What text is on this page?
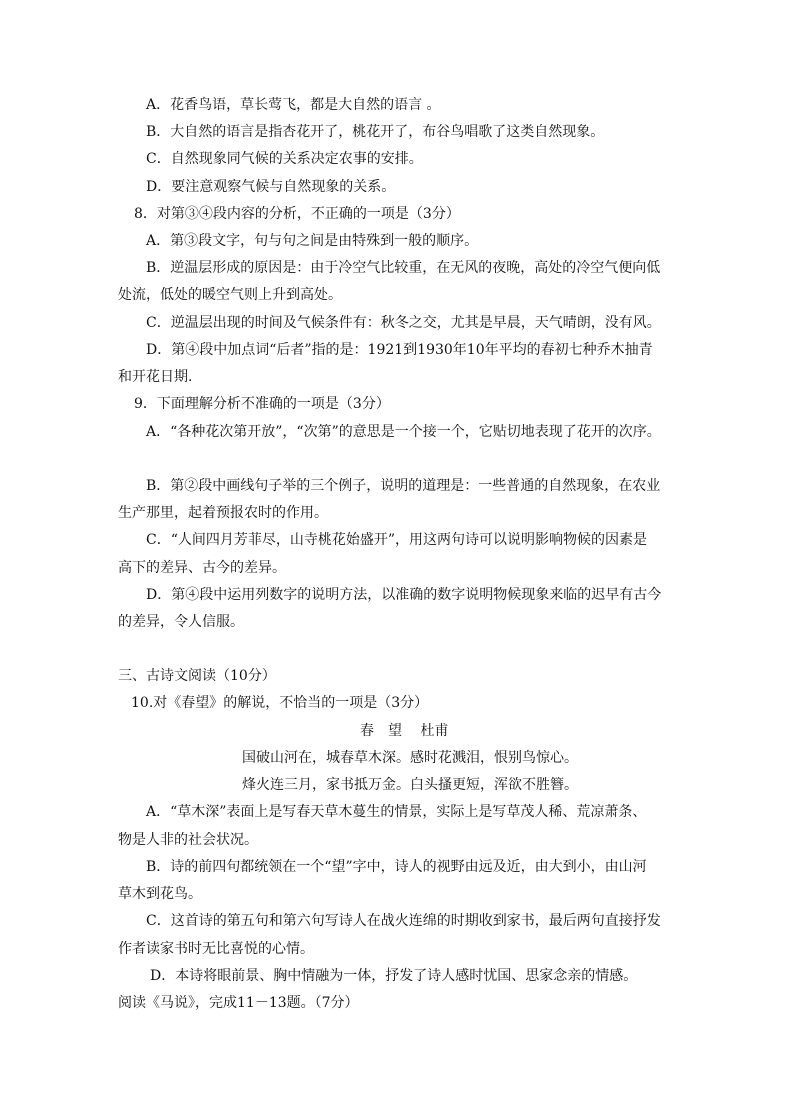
A．花香鸟语，草长莺飞，都是大自然的语言 。
B．大自然的语言是指杏花开了，桃花开了，布谷鸟唱歌了这类自然现象。
C．自然现象同气候的关系决定农事的安排。
D．要注意观察气候与自然现象的关系。
8．对第③④段内容的分析，不正确的一项是（3分）
A．第③段文字，句与句之间是由特殊到一般的顺序。
B．逆温层形成的原因是：由于冷空气比较重，在无风的夜晚，高处的冷空气便向低
处流，低处的暖空气则上升到高处。
C．逆温层出现的时间及气候条件有：秋冬之交，尤其是早晨，天气晴朗，没有风。
D．第④段中加点词“后者”指的是：1921到1930年10年平均的春初七种乔木抽青
和开花日期.
9．下面理解分析不准确的一项是（3分）
A．“各种花次第开放”，“次第”的意思是一个接一个，它贴切地表现了花开的次序。
B．第②段中画线句子举的三个例子，说明的道理是：一些普通的自然现象，在农业
生产那里，起着预报农时的作用。
C．“人间四月芳菲尽，山寺桃花始盛开”，用这两句诗可以说明影响物候的因素是
高下的差异、古今的差异。
D．第④段中运用列数字的说明方法，以准确的数字说明物候现象来临的迟早有古今
的差异，令人信服。
三、古诗文阅读（10分）
10.对《春望》的解说，不恰当的一项是（3分）
春　望　 杜甫
国破山河在，城春草木深。感时花溅泪，恨别鸟惊心。
烽火连三月，家书抵万金。白头搔更短，浑欲不胜簪。
A．“草木深”表面上是写春天草木蔓生的情景，实际上是写草茂人稀、荒凉萧条、
物是人非的社会状况。
B．诗的前四句都统领在一个“望”字中，诗人的视野由远及近，由大到小，由山河
草木到花鸟。
C．这首诗的第五句和第六句写诗人在战火连绵的时期收到家书，最后两句直接抒发
作者读家书时无比喜悦的心情。
D．本诗将眼前景、胸中情融为一体，抒发了诗人感时忧国、思家念亲的情感。
阅读《马说》，完成11－13题。（7分）
